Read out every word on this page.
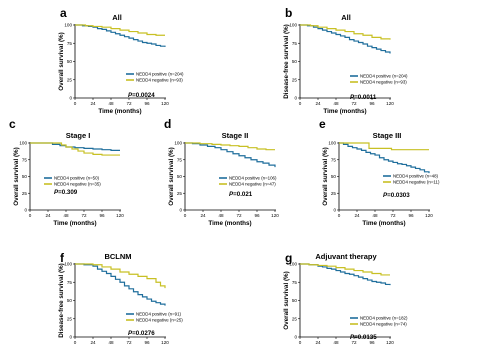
a	All
0
25
50
75
100
0	24	48	72	96	120
Time (months)
Overall survival (%)	NEDD4 positive (n=204)
NEDD4 negative (n=93)
P=0.0024
b	All
0
25
50
75
100
0	24	48	72	96	120
Time (months)
Disease-free survival (%)	NEDD4 positive (n=204)
NEDD4 negative (n=93)
P=0.0011
c
Stage I
0
25
50
75
100
0	24	48	72	96	120
Time (months)
Overall survival (%)	NEDD4 positive (n=50)
NEDD4 negative (n=35)
P=0.309
d
Stage II
0
25
50
75
100
0	24	48	72	96	120
Time (months)
Overall survival (%)	NEDD4 positive (n=106)
NEDD4 negative (n=47)
P=0.021
e
Stage III
0
25
50
75
100
0	24	48	72	96	120
Time (months)
Overall survival (%)	NEDD4 positive (n=48)
NEDD4 negative (n=11)
P=0.0303
f	BCLNM
0
25
50
75
100
0	24	48	72	96	120
Disease-free survival (%)	NEDD4 positive (n=91)
NEDD4 negative (n=25)
P=0.0276
g	Adjuvant therapy
0
25
50
75
100
0	24	48	72	96	120
Overall survival (%)	NEDD4 positive (n=182)
NEDD4 negative (n=74)
P=0.0135
